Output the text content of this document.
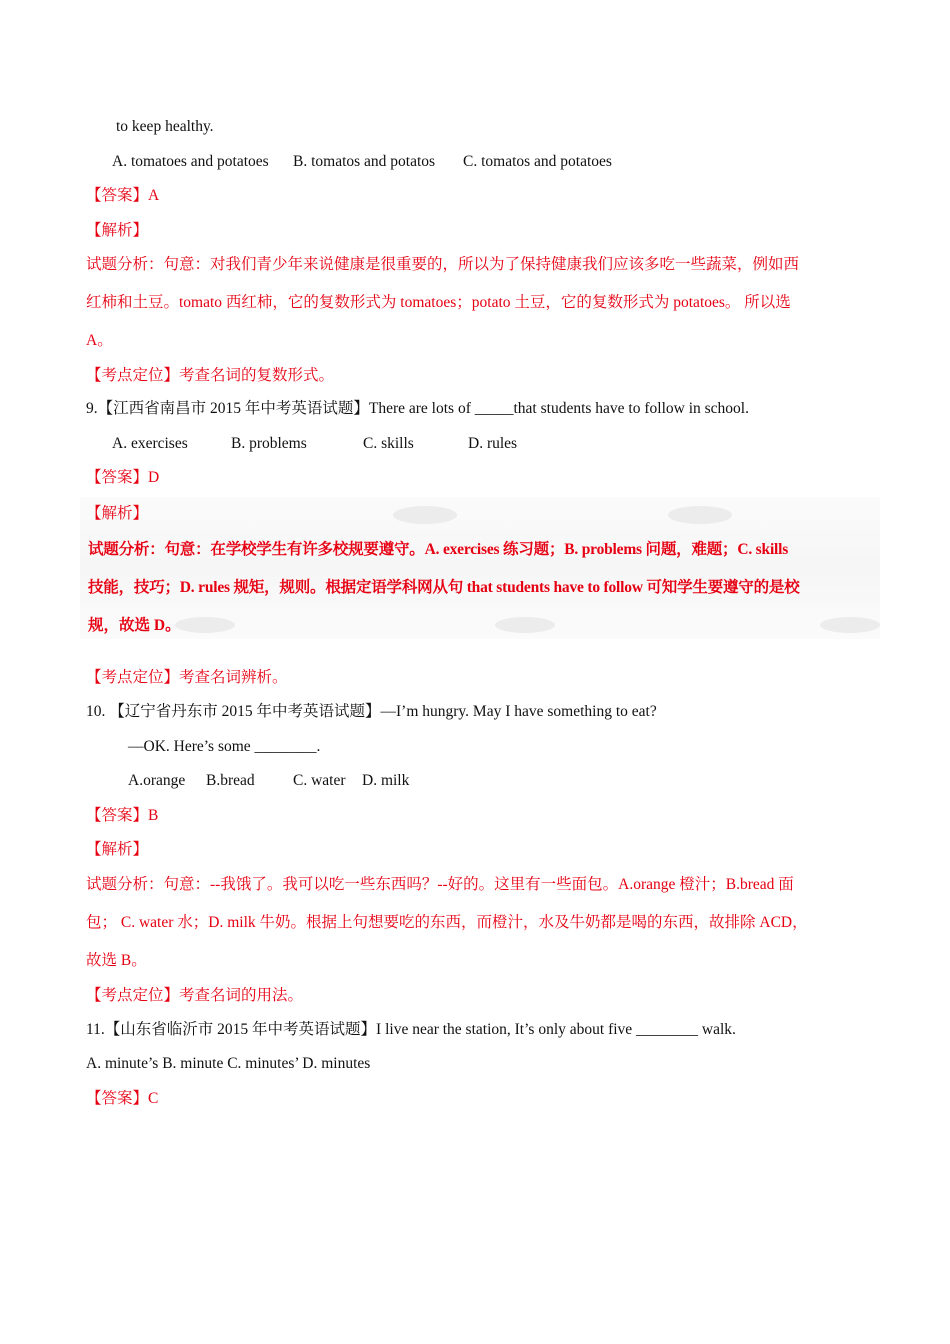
to keep healthy.
A. tomatoes and potatoes B. tomatos and potatos C. tomatos and potatoes
【答案】A
【解析】
试题分析：句意：对我们青少年来说健康是很重要的，所以为了保持健康我们应该多吃一些蔬菜，例如西
红柿和土豆。tomato 西红柿，它的复数形式为 tomatoes；potato 土豆，它的复数形式为 potatoes。 所以选
A。
【考点定位】考查名词的复数形式。
9.【江西省南昌市 2015 年中考英语试题】There are lots of _____that students have to follow in school.
A. exercises	B. problems	C. skills	D. rules
【答案】D
【解析】
试题分析：句意：在学校学生有许多校规要遵守。A. exercises 练习题；B. problems 问题，难题；C. skills
技能，技巧；D. rules 规矩，规则。根据定语学科网从句 that students have to follow 可知学生要遵守的是校
规，故选 D。
【考点定位】考查名词辨析。
10. 【辽宁省丹东市 2015 年中考英语试题】—I’m hungry. May I have something to eat?
—OK. Here’s some ________.
A.orange B.bread C. water D. milk
【答案】B
【解析】
试题分析：句意：--我饿了。我可以吃一些东西吗？--好的。这里有一些面包。A.orange 橙汁；B.bread 面
包； C. water 水；D. milk 牛奶。根据上句想要吃的东西，而橙汁，水及牛奶都是喝的东西，故排除 ACD，
故选 B。
【考点定位】考查名词的用法。
11.【山东省临沂市 2015 年中考英语试题】I live near the station, It’s only about five ________ walk.
A. minute’s B. minute C. minutes’ D. minutes
【答案】C
